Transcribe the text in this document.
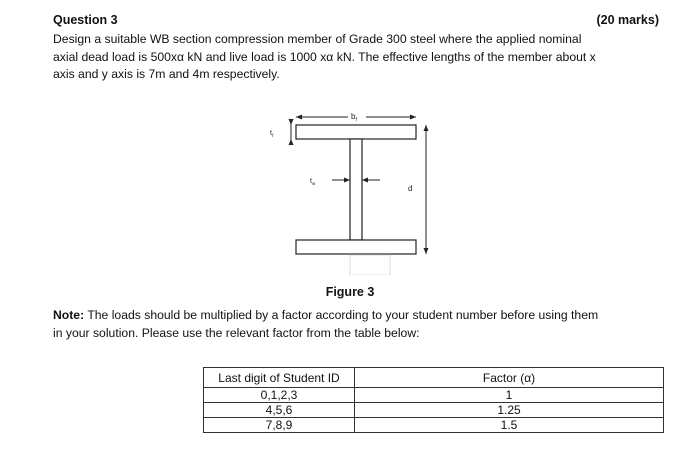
Question 3	(20 marks)
Design a suitable WB section compression member of Grade 300 steel where the applied nominal
axial dead load is 500xα kN and live load is 1000 xα kN. The effective lengths of the member about x
axis and y axis is 7m and 4m respectively.
$b_f$
$t_f$
$t_w$
d
Figure 3
Note: The loads should be multiplied by a factor according to your student number before using them
in your solution. Please use the relevant factor from the table below:
Last digit of Student ID	Factor (α)
0,1,2,3	1
4,5,6	1.25
7,8,9	1.5
